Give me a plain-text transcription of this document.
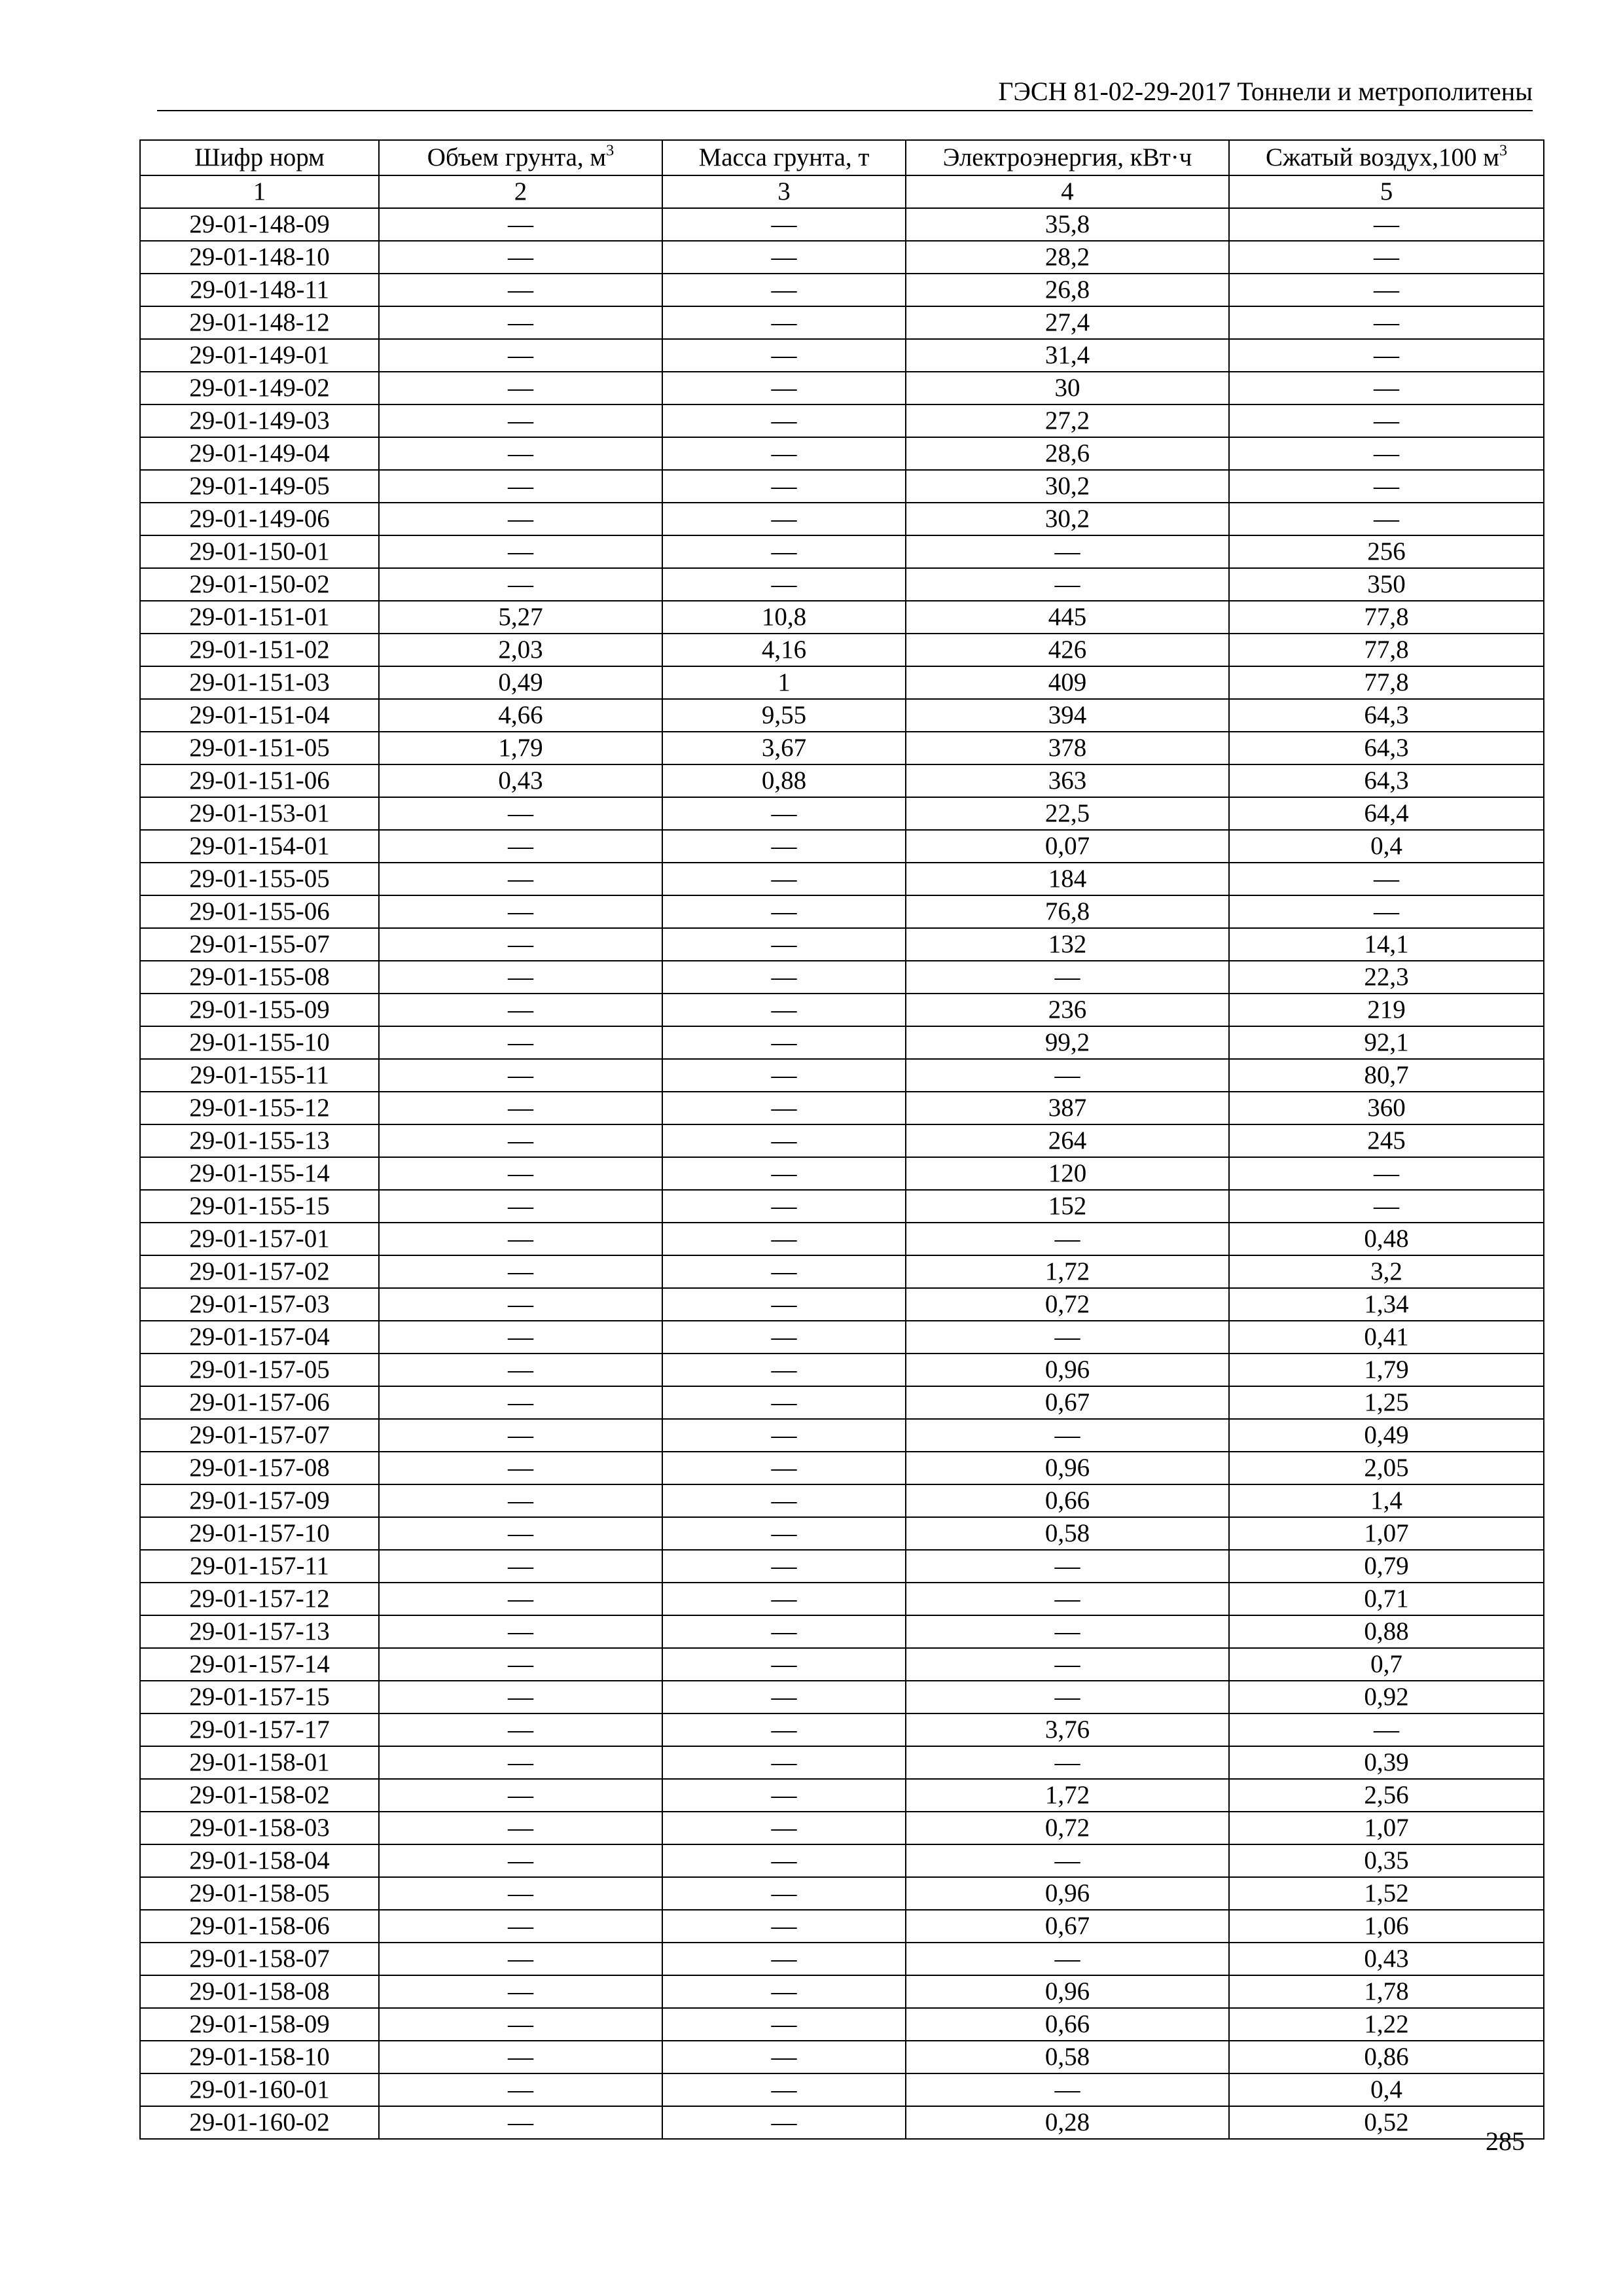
ГЭСН 81-02-29-2017 Тоннели и метрополитены
Шифр норм	Объем грунта, $м^3$	Масса грунта, т	Электроэнергия, кВт·ч	Сжатый воздух,100 $м^3$
1	2	3	4	5
29-01-148-09	—	—	35,8	—
29-01-148-10	—	—	28,2	—
29-01-148-11	—	—	26,8	—
29-01-148-12	—	—	27,4	—
29-01-149-01	—	—	31,4	—
29-01-149-02	—	—	30	—
29-01-149-03	—	—	27,2	—
29-01-149-04	—	—	28,6	—
29-01-149-05	—	—	30,2	—
29-01-149-06	—	—	30,2	—
29-01-150-01	—	—	—	256
29-01-150-02	—	—	—	350
29-01-151-01	5,27	10,8	445	77,8
29-01-151-02	2,03	4,16	426	77,8
29-01-151-03	0,49	1	409	77,8
29-01-151-04	4,66	9,55	394	64,3
29-01-151-05	1,79	3,67	378	64,3
29-01-151-06	0,43	0,88	363	64,3
29-01-153-01	—	—	22,5	64,4
29-01-154-01	—	—	0,07	0,4
29-01-155-05	—	—	184	—
29-01-155-06	—	—	76,8	—
29-01-155-07	—	—	132	14,1
29-01-155-08	—	—	—	22,3
29-01-155-09	—	—	236	219
29-01-155-10	—	—	99,2	92,1
29-01-155-11	—	—	—	80,7
29-01-155-12	—	—	387	360
29-01-155-13	—	—	264	245
29-01-155-14	—	—	120	—
29-01-155-15	—	—	152	—
29-01-157-01	—	—	—	0,48
29-01-157-02	—	—	1,72	3,2
29-01-157-03	—	—	0,72	1,34
29-01-157-04	—	—	—	0,41
29-01-157-05	—	—	0,96	1,79
29-01-157-06	—	—	0,67	1,25
29-01-157-07	—	—	—	0,49
29-01-157-08	—	—	0,96	2,05
29-01-157-09	—	—	0,66	1,4
29-01-157-10	—	—	0,58	1,07
29-01-157-11	—	—	—	0,79
29-01-157-12	—	—	—	0,71
29-01-157-13	—	—	—	0,88
29-01-157-14	—	—	—	0,7
29-01-157-15	—	—	—	0,92
29-01-157-17	—	—	3,76	—
29-01-158-01	—	—	—	0,39
29-01-158-02	—	—	1,72	2,56
29-01-158-03	—	—	0,72	1,07
29-01-158-04	—	—	—	0,35
29-01-158-05	—	—	0,96	1,52
29-01-158-06	—	—	0,67	1,06
29-01-158-07	—	—	—	0,43
29-01-158-08	—	—	0,96	1,78
29-01-158-09	—	—	0,66	1,22
29-01-158-10	—	—	0,58	0,86
29-01-160-01	—	—	—	0,4
29-01-160-02	—	—	0,28	0,52
285
